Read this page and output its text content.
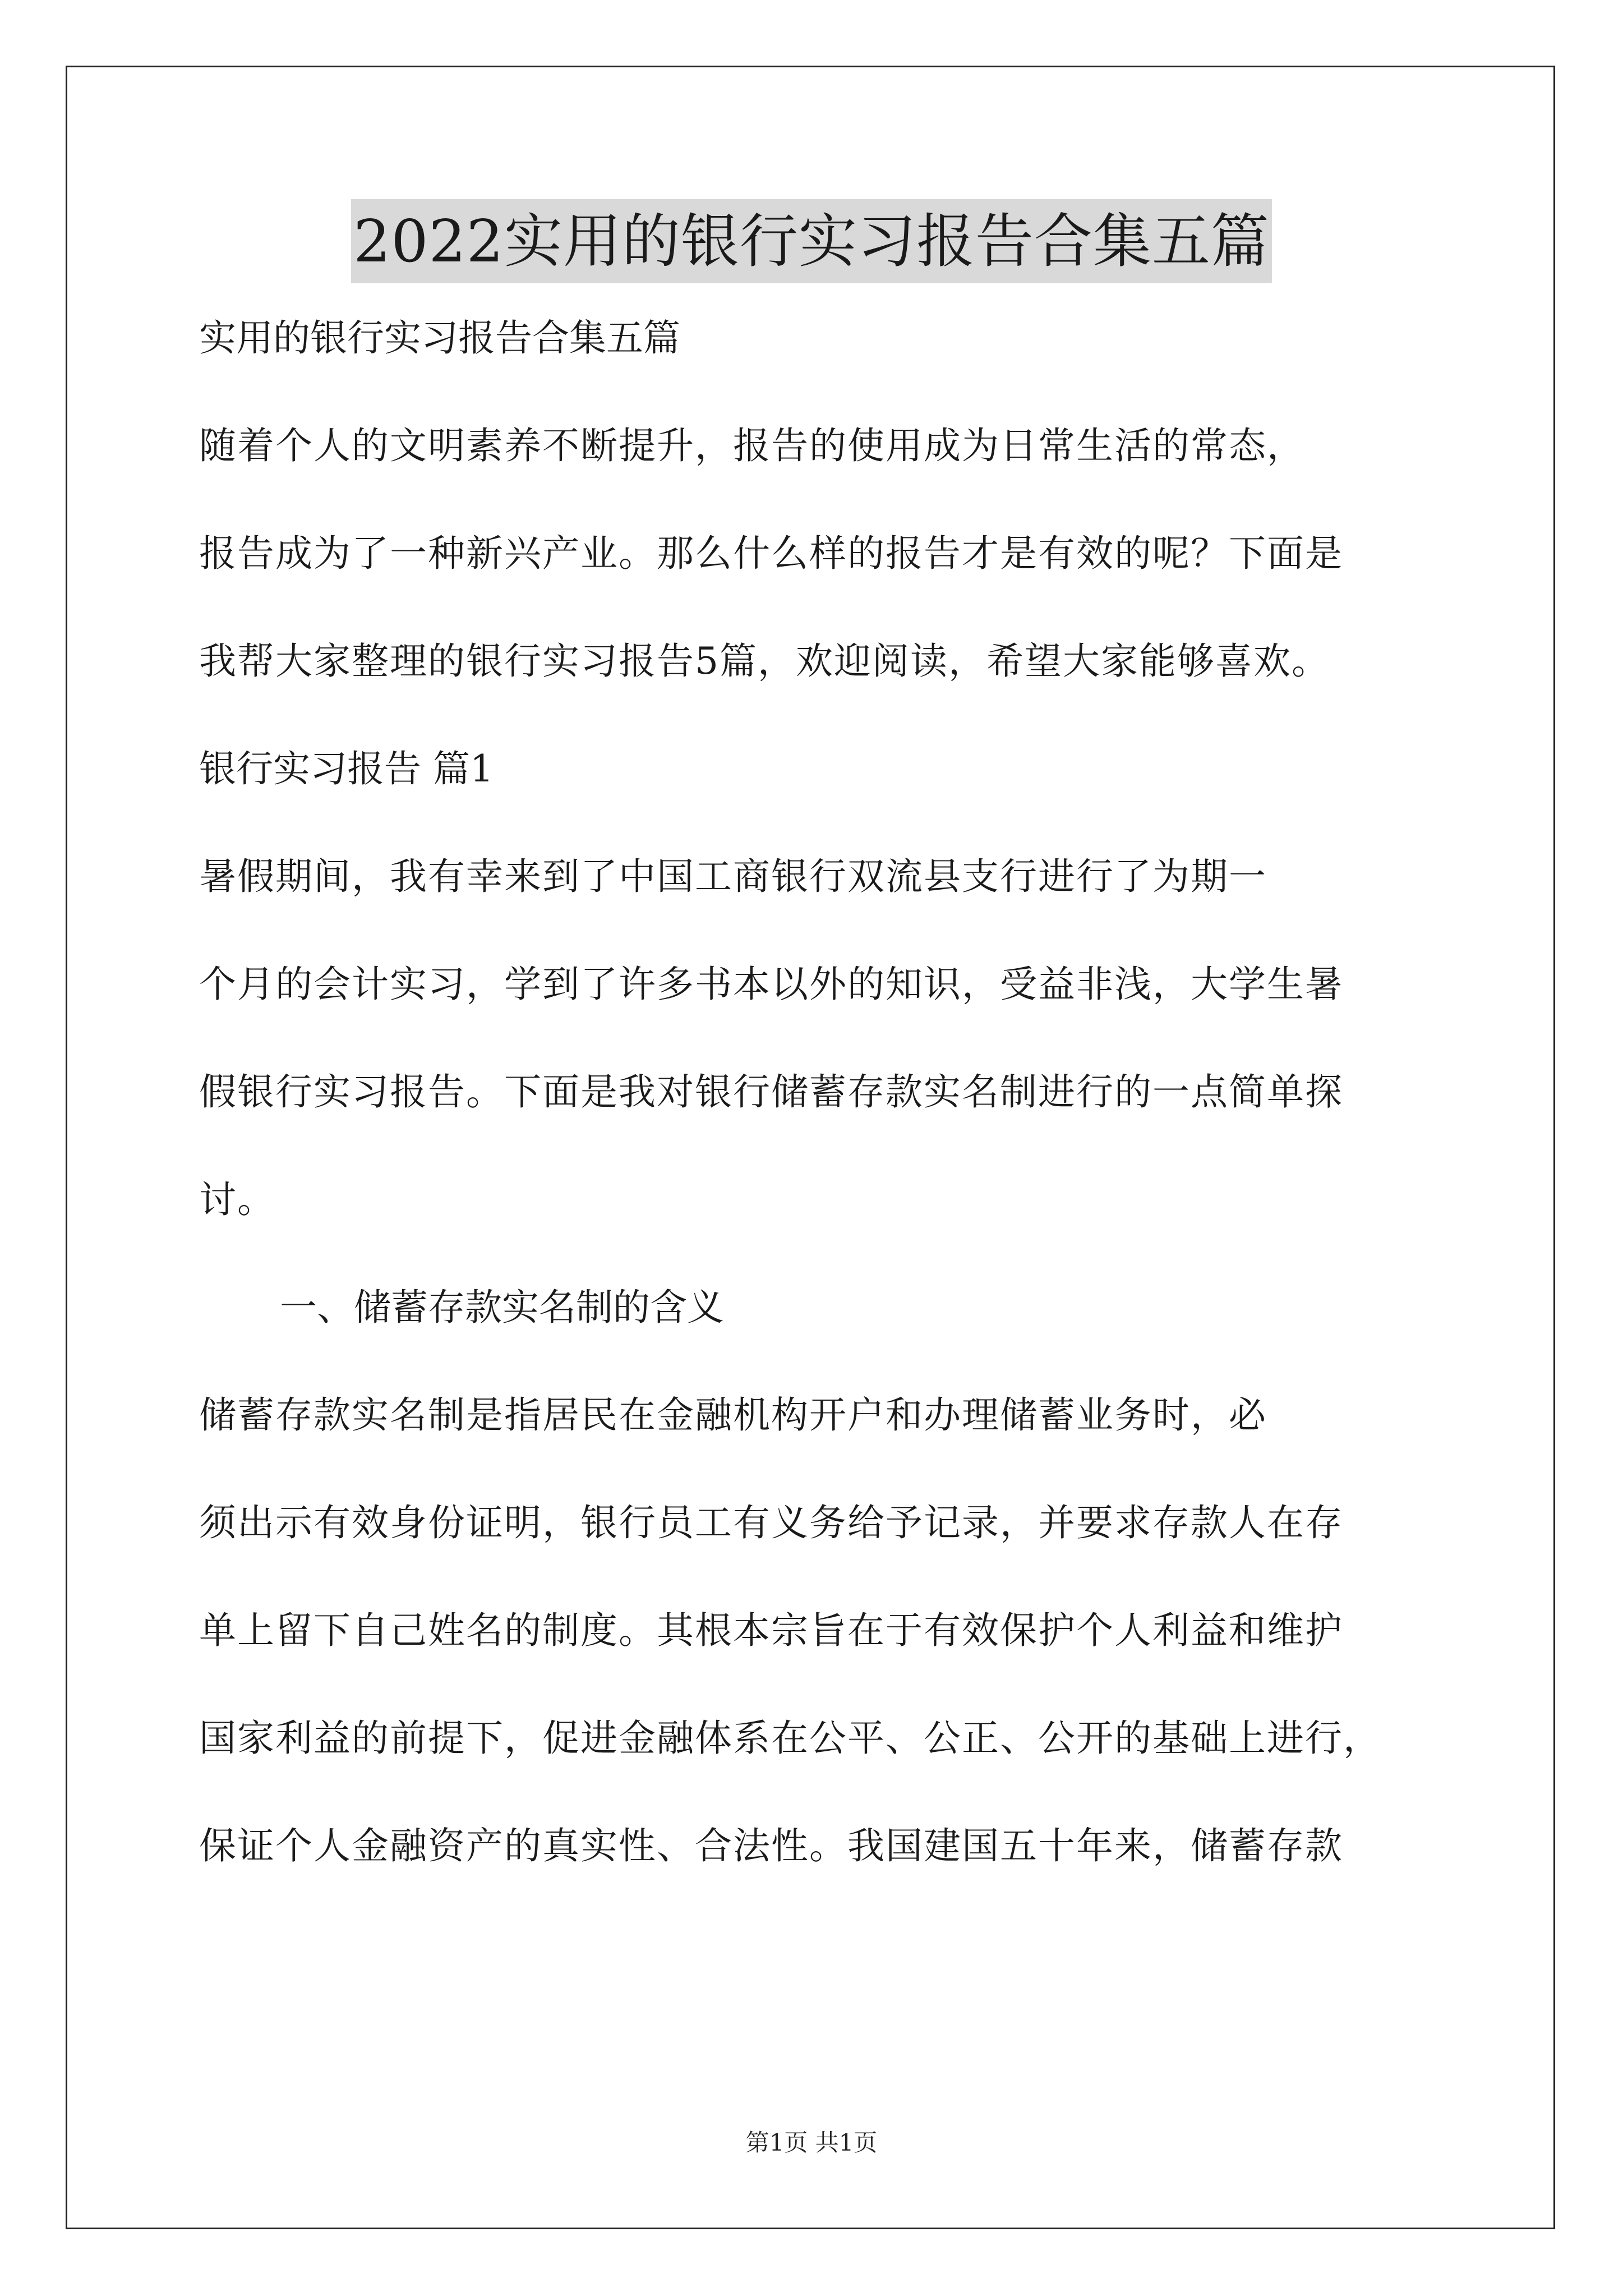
2022实用的银行实习报告合集五篇
实用的银行实习报告合集五篇
随着个人的文明素养不断提升，报告的使用成为日常生活的常态，
报告成为了一种新兴产业。那么什么样的报告才是有效的呢？下面是
我帮大家整理的银行实习报告5篇，欢迎阅读，希望大家能够喜欢。
银行实习报告 篇1
暑假期间，我有幸来到了中国工商银行双流县支行进行了为期一
个月的会计实习，学到了许多书本以外的知识，受益非浅，大学生暑
假银行实习报告。下面是我对银行储蓄存款实名制进行的一点简单探
讨。
一、储蓄存款实名制的含义
储蓄存款实名制是指居民在金融机构开户和办理储蓄业务时，必
须出示有效身份证明，银行员工有义务给予记录，并要求存款人在存
单上留下自己姓名的制度。其根本宗旨在于有效保护个人利益和维护
国家利益的前提下，促进金融体系在公平、公正、公开的基础上进行，
保证个人金融资产的真实性、合法性。我国建国五十年来，储蓄存款
第1页 共1页
